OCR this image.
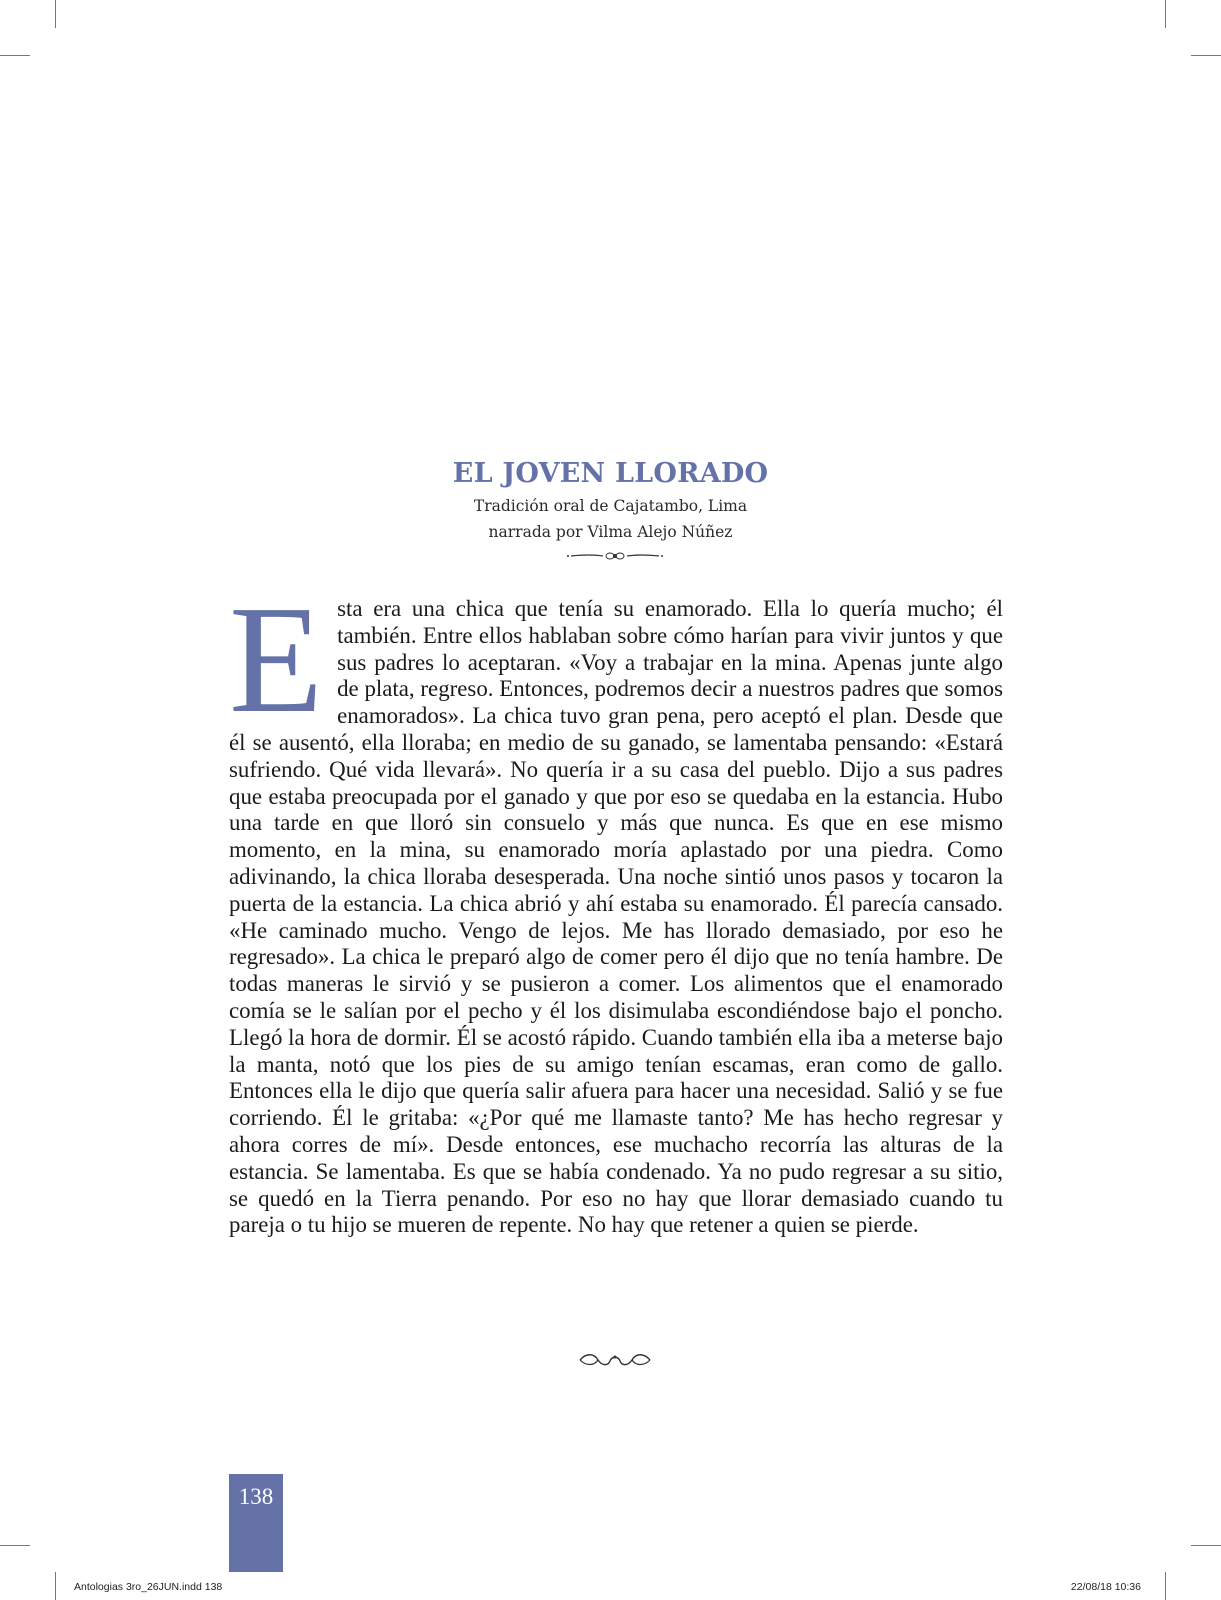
EL JOVEN LLORADO
Tradición oral de Cajatambo, Lima
narrada por Vilma Alejo Núñez

Esta era una chica que tenía su enamorado. Ella lo quería mucho; él también. Entre ellos hablaban sobre cómo harían para vivir juntos y que sus padres lo aceptaran. «Voy a trabajar en la mina. Apenas junte algo de plata, regreso. Entonces, podremos decir a nuestros padres que somos enamorados». La chica tuvo gran pena, pero aceptó el plan. Desde que él se ausentó, ella lloraba; en medio de su ganado, se lamentaba pensando: «Estará sufriendo. Qué vida llevará». No quería ir a su casa del pueblo. Dijo a sus padres que estaba preocupada por el ganado y que por eso se quedaba en la estancia. Hubo una tarde en que lloró sin consuelo y más que nunca. Es que en ese mismo momento, en la mina, su enamorado moría aplastado por una piedra. Como adivinando, la chica lloraba desesperada. Una noche sintió unos pasos y tocaron la puerta de la estancia. La chica abrió y ahí estaba su enamorado. Él parecía cansado. «He caminado mucho. Vengo de lejos. Me has llorado demasiado, por eso he regresado». La chica le preparó algo de comer pero él dijo que no tenía hambre. De todas maneras le sirvió y se pusieron a comer. Los alimentos que el enamorado comía se le salían por el pecho y él los disimulaba escondiéndose bajo el poncho. Llegó la hora de dormir. Él se acostó rápido. Cuando también ella iba a meterse bajo la manta, notó que los pies de su amigo tenían escamas, eran como de gallo. Entonces ella le dijo que quería salir afuera para hacer una necesidad. Salió y se fue corriendo. Él le gritaba: «¿Por qué me llamaste tanto? Me has hecho regresar y ahora corres de mí». Desde entonces, ese muchacho recorría las alturas de la estancia. Se lamentaba. Es que se había condenado. Ya no pudo regresar a su sitio, se quedó en la Tierra penando. Por eso no hay que llorar demasiado cuando tu pareja o tu hijo se mueren de repente. No hay que retener a quien se pierde.

138
Antologias 3ro_26JUN.indd 138	22/08/18 10:36
